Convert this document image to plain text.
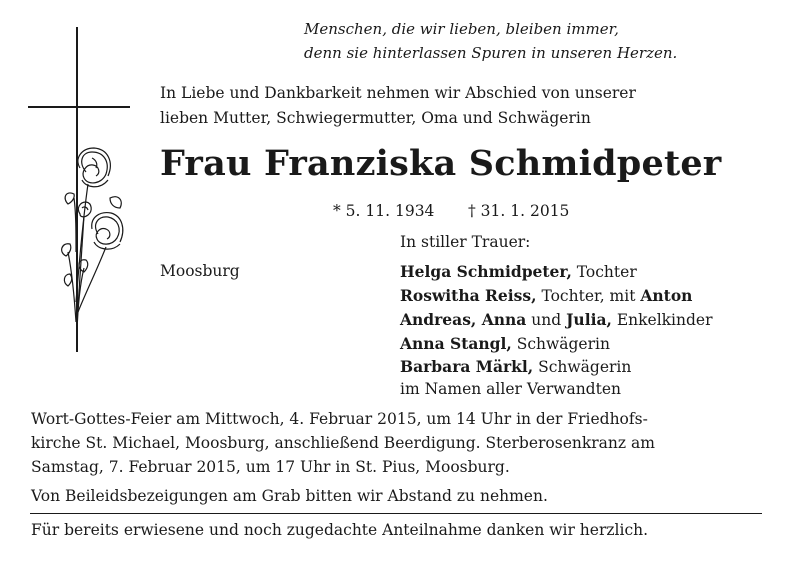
Menschen, die wir lieben, bleiben immer,
denn sie hinterlassen Spuren in unseren Herzen.
In Liebe und Dankbarkeit nehmen wir Abschied von unserer
lieben Mutter, Schwiegermutter, Oma und Schwägerin
Frau Franziska Schmidpeter
* 5. 11. 1934 † 31. 1. 2015
In stiller Trauer:
Moosburg	Helga Schmidpeter, Tochter
Roswitha Reiss, Tochter, mit Anton
Andreas, Anna und Julia, Enkelkinder
Anna Stangl, Schwägerin
Barbara Märkl, Schwägerin
im Namen aller Verwandten
Wort-Gottes-Feier am Mittwoch, 4. Februar 2015, um 14 Uhr in der Friedhofs-
kirche St. Michael, Moosburg, anschließend Beerdigung. Sterberosenkranz am
Samstag, 7. Februar 2015, um 17 Uhr in St. Pius, Moosburg.
Von Beileidsbezeigungen am Grab bitten wir Abstand zu nehmen.
Für bereits erwiesene und noch zugedachte Anteilnahme danken wir herzlich.
